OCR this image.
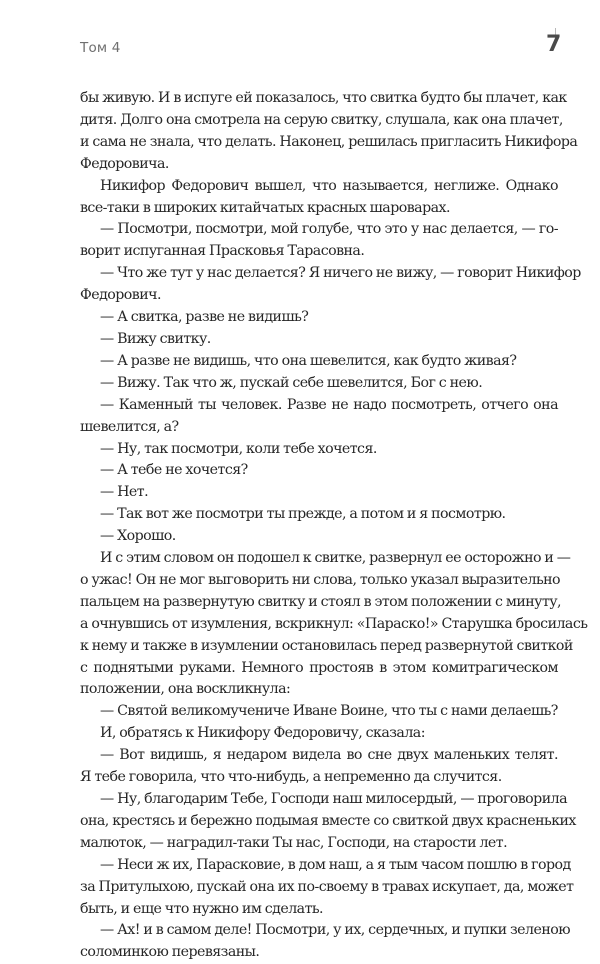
Том 4	7
бы живую. И в испуге ей показалось, что свитка будто бы плачет, как
дитя. Долго она смотрела на серую свитку, слушала, как она плачет,
и сама не знала, что делать. Наконец, решилась пригласить Никифора
Федоровича.
Никифор Федорович вышел, что называется, неглиже. Однако
все-таки в широких китайчатых красных шароварах.
— Посмотри, посмотри, мой голубе, что это у нас делается, — го-
ворит испуганная Прасковья Тарасовна.
— Что же тут у нас делается? Я ничего не вижу, — говорит Никифор
Федорович.
— А свитка, разве не видишь?
— Вижу свитку.
— А разве не видишь, что она шевелится, как будто живая?
— Вижу. Так что ж, пускай себе шевелится, Бог с нею.
— Каменный ты человек. Разве не надо посмотреть, отчего она
шевелится, а?
— Ну, так посмотри, коли тебе хочется.
— А тебе не хочется?
— Нет.
— Так вот же посмотри ты прежде, а потом и я посмотрю.
— Хорошо.
И с этим словом он подошел к свитке, развернул ее осторожно и —
о ужас! Он не мог выговорить ни слова, только указал выразительно
пальцем на развернутую свитку и стоял в этом положении с минуту,
а очнувшись от изумления, вскрикнул: «Параско!» Старушка бросилась
к нему и также в изумлении остановилась перед развернутой свиткой
с поднятыми руками. Немного простояв в этом комитрагическом
положении, она воскликнула:
— Святой великомучениче Иване Воине, что ты с нами делаешь?
И, обратясь к Никифору Федоровичу, сказала:
— Вот видишь, я недаром видела во сне двух маленьких телят.
Я тебе говорила, что что-нибудь, а непременно да случится.
— Ну, благодарим Тебе, Господи наш милосердый, — проговорила
она, крестясь и бережно подымая вместе со свиткой двух красненьких
малюток, — наградил-таки Ты нас, Господи, на старости лет.
— Неси ж их, Парасковие, в дом наш, а я тым часом пошлю в город
за Притулыхою, пускай она их по-своему в травах искупает, да, может
быть, и еще что нужно им сделать.
— Ах! и в самом деле! Посмотри, у их, сердечных, и пупки зеленою
соломинкою перевязаны.
